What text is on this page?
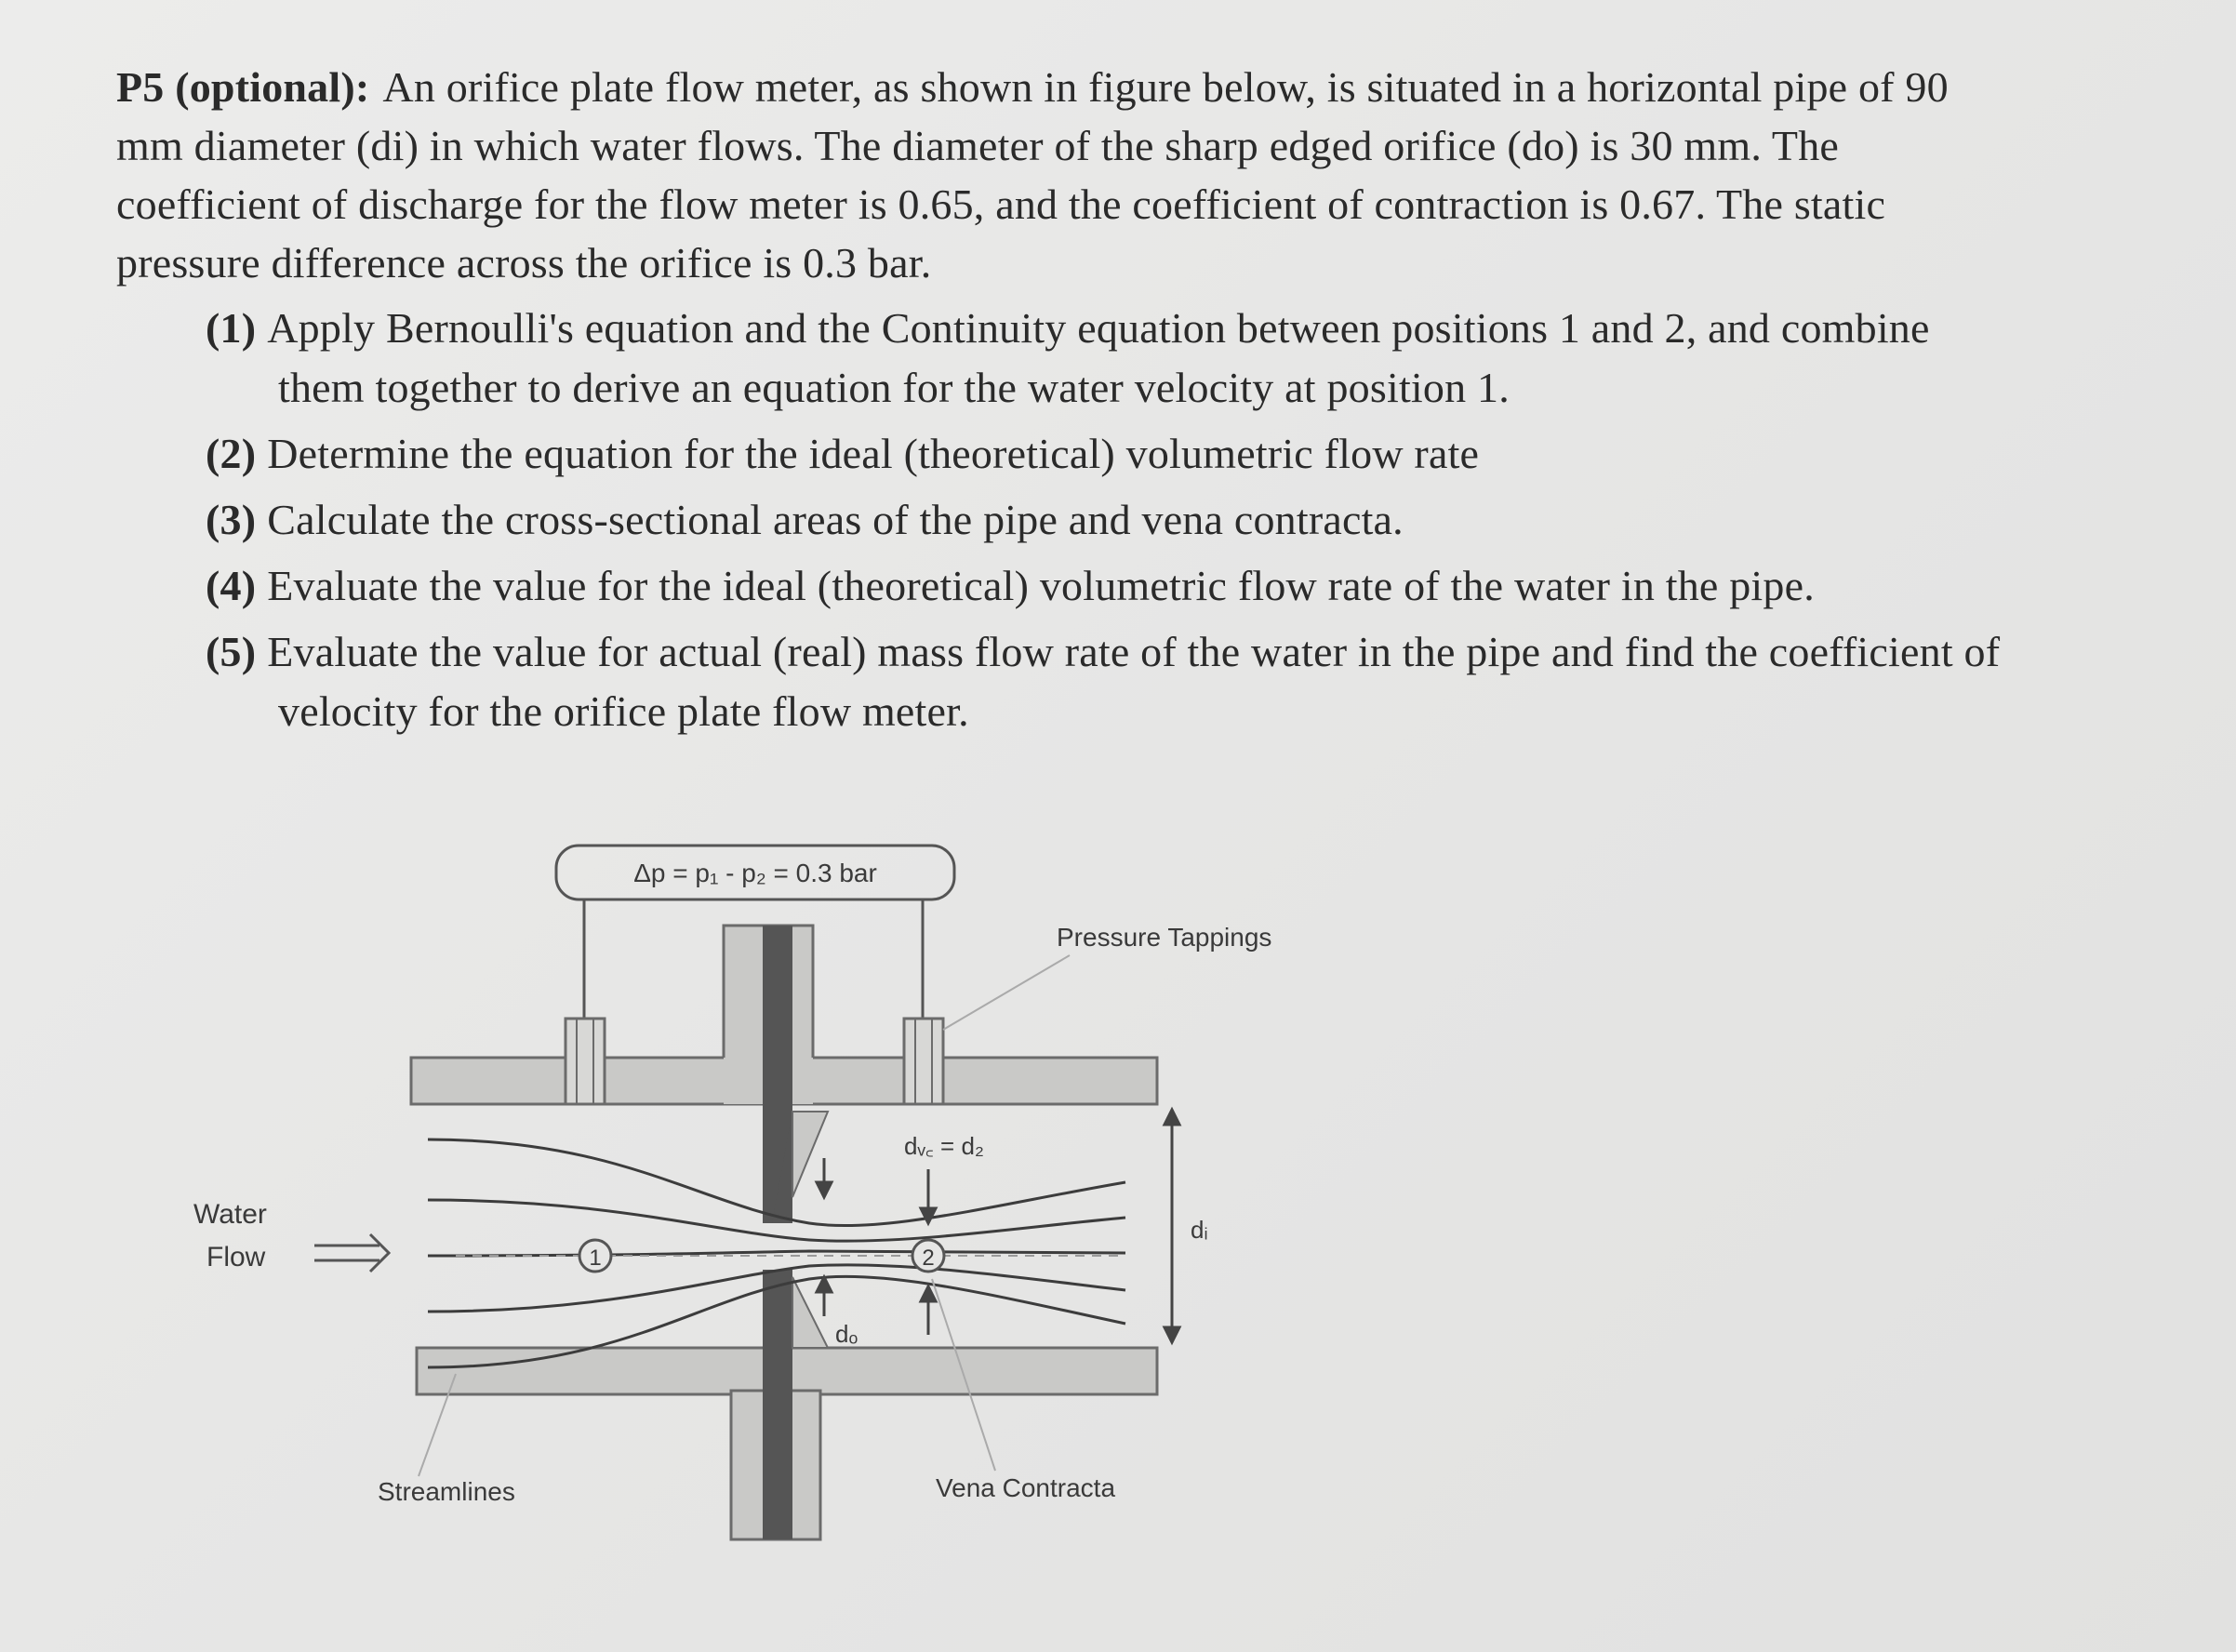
P5 (optional): An orifice plate flow meter, as shown in figure below, is situated in a horizontal pipe of 90 mm diameter (di) in which water flows. The diameter of the sharp edged orifice (do) is 30 mm. The coefficient of discharge for the flow meter is 0.65, and the coefficient of contraction is 0.67. The static pressure difference across the orifice is 0.3 bar.

(1) Apply Bernoulli's equation and the Continuity equation between positions 1 and 2, and combine them together to derive an equation for the water velocity at position 1.
(2) Determine the equation for the ideal (theoretical) volumetric flow rate
(3) Calculate the cross-sectional areas of the pipe and vena contracta.
(4) Evaluate the value for the ideal (theoretical) volumetric flow rate of the water in the pipe.
(5) Evaluate the value for actual (real) mass flow rate of the water in the pipe and find the coefficient of velocity for the orifice plate flow meter.
Δp = p₁ - p₂ = 0.3 bar
Water
Flow	1	2
dₒ
dᵥ꜀ = d₂
dᵢ
Pressure Tappings
Streamlines	Vena Contracta
